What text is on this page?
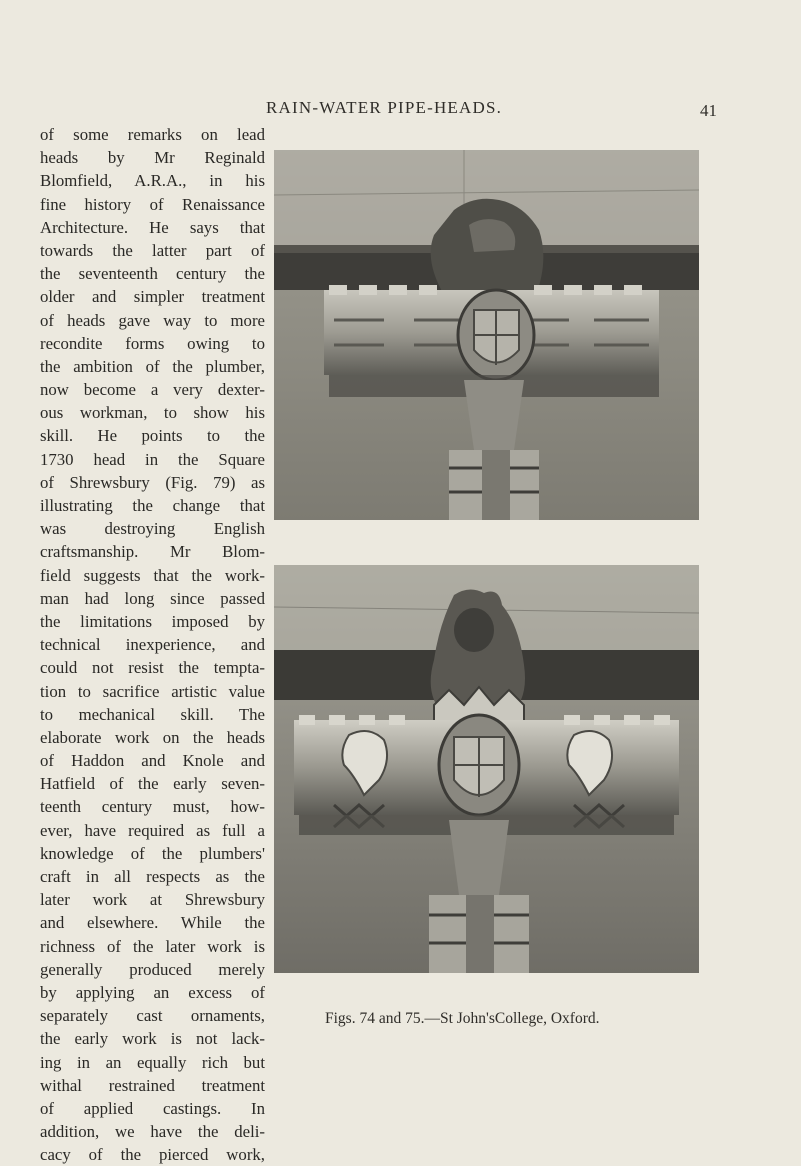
RAIN-WATER PIPE-HEADS.	41
of some remarks on lead
heads by Mr Reginald
Blomfield, A.R.A., in his
fine history of Renaissance
Architecture. He says that
towards the latter part of
the seventeenth century the
older and simpler treatment
of heads gave way to more
recondite forms owing to
the ambition of the plumber,
now become a very dexter-
ous workman, to show his
skill. He points to the
1730 head in the Square
of Shrewsbury (Fig. 79) as
illustrating the change that
was destroying English
craftsmanship. Mr Blom-
field suggests that the work-
man had long since passed
the limitations imposed by
technical inexperience, and
could not resist the tempta-
tion to sacrifice artistic value
to mechanical skill. The
elaborate work on the heads
of Haddon and Knole and
Hatfield of the early seven-
teenth century must, how-
ever, have required as full a
knowledge of the plumbers'
craft in all respects as the
later work at Shrewsbury
and elsewhere. While the
richness of the later work is
generally produced merely
by applying an excess of
separately cast ornaments,
the early work is not lack-
ing in an equally rich but
withal restrained treatment
of applied castings. In
addition, we have the deli-
cacy of the pierced work,
Figs. 74 and 75.—St John'sCollege, Oxford.
